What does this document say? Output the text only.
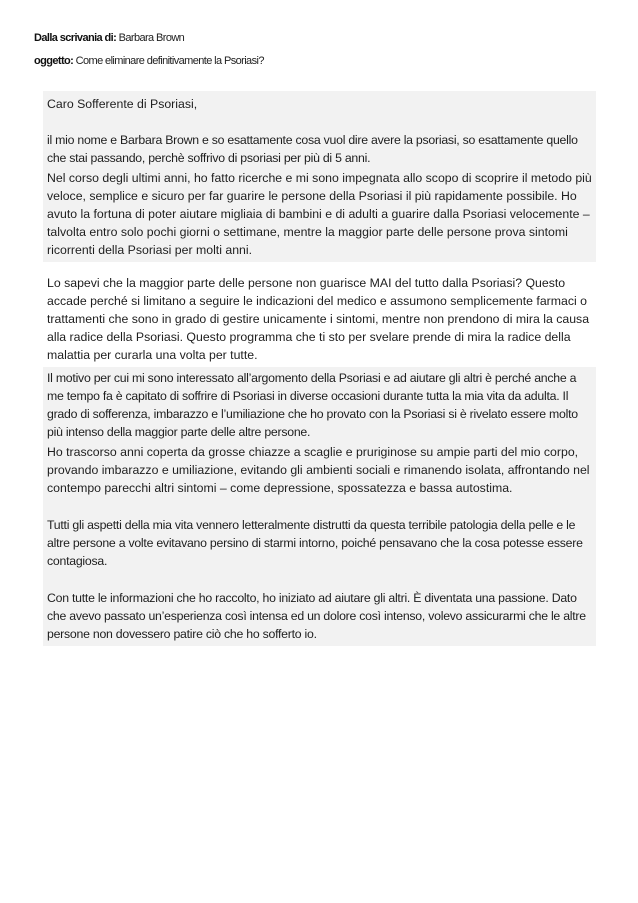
Dalla scrivania di: Barbara Brown
oggetto: Come eliminare definitivamente la Psoriasi?

Caro Sofferente di Psoriasi,

il mio nome e Barbara Brown e so esattamente cosa vuol dire avere la psoriasi, so esattamente quello che stai passando, perchè soffrivo di psoriasi per più di 5 anni.

Nel corso degli ultimi anni, ho fatto ricerche e mi sono impegnata allo scopo di scoprire il metodo più veloce, semplice e sicuro per far guarire le persone della Psoriasi il più rapidamente possibile. Ho avuto la fortuna di poter aiutare migliaia di bambini e di adulti a guarire dalla Psoriasi velocemente – talvolta entro solo pochi giorni o settimane, mentre la maggior parte delle persone prova sintomi ricorrenti della Psoriasi per molti anni.

Lo sapevi che la maggior parte delle persone non guarisce MAI del tutto dalla Psoriasi? Questo accade perché si limitano a seguire le indicazioni del medico e assumono semplicemente farmaci o trattamenti che sono in grado di gestire unicamente i sintomi, mentre non prendono di mira la causa alla radice della Psoriasi. Questo programma che ti sto per svelare prende di mira la radice della malattia per curarla una volta per tutte.

Il motivo per cui mi sono interessato all’argomento della Psoriasi e ad aiutare gli altri è perché anche a me tempo fa è capitato di soffrire di Psoriasi in diverse occasioni durante tutta la mia vita da adulta. Il grado di sofferenza, imbarazzo e l’umiliazione che ho provato con la Psoriasi si è rivelato essere molto più intenso della maggior parte delle altre persone.

Ho trascorso anni coperta da grosse chiazze a scaglie e pruriginose su ampie parti del mio corpo, provando imbarazzo e umiliazione, evitando gli ambienti sociali e rimanendo isolata, affrontando nel contempo parecchi altri sintomi – come depressione, spossatezza e bassa autostima.

Tutti gli aspetti della mia vita vennero letteralmente distrutti da questa terribile patologia della pelle e le altre persone a volte evitavano persino di starmi intorno, poiché pensavano che la cosa potesse essere contagiosa.

Con tutte le informazioni che ho raccolto, ho iniziato ad aiutare gli altri. È diventata una passione. Dato che avevo passato un’esperienza così intensa ed un dolore così intenso, volevo assicurarmi che le altre persone non dovessero patire ciò che ho sofferto io.
